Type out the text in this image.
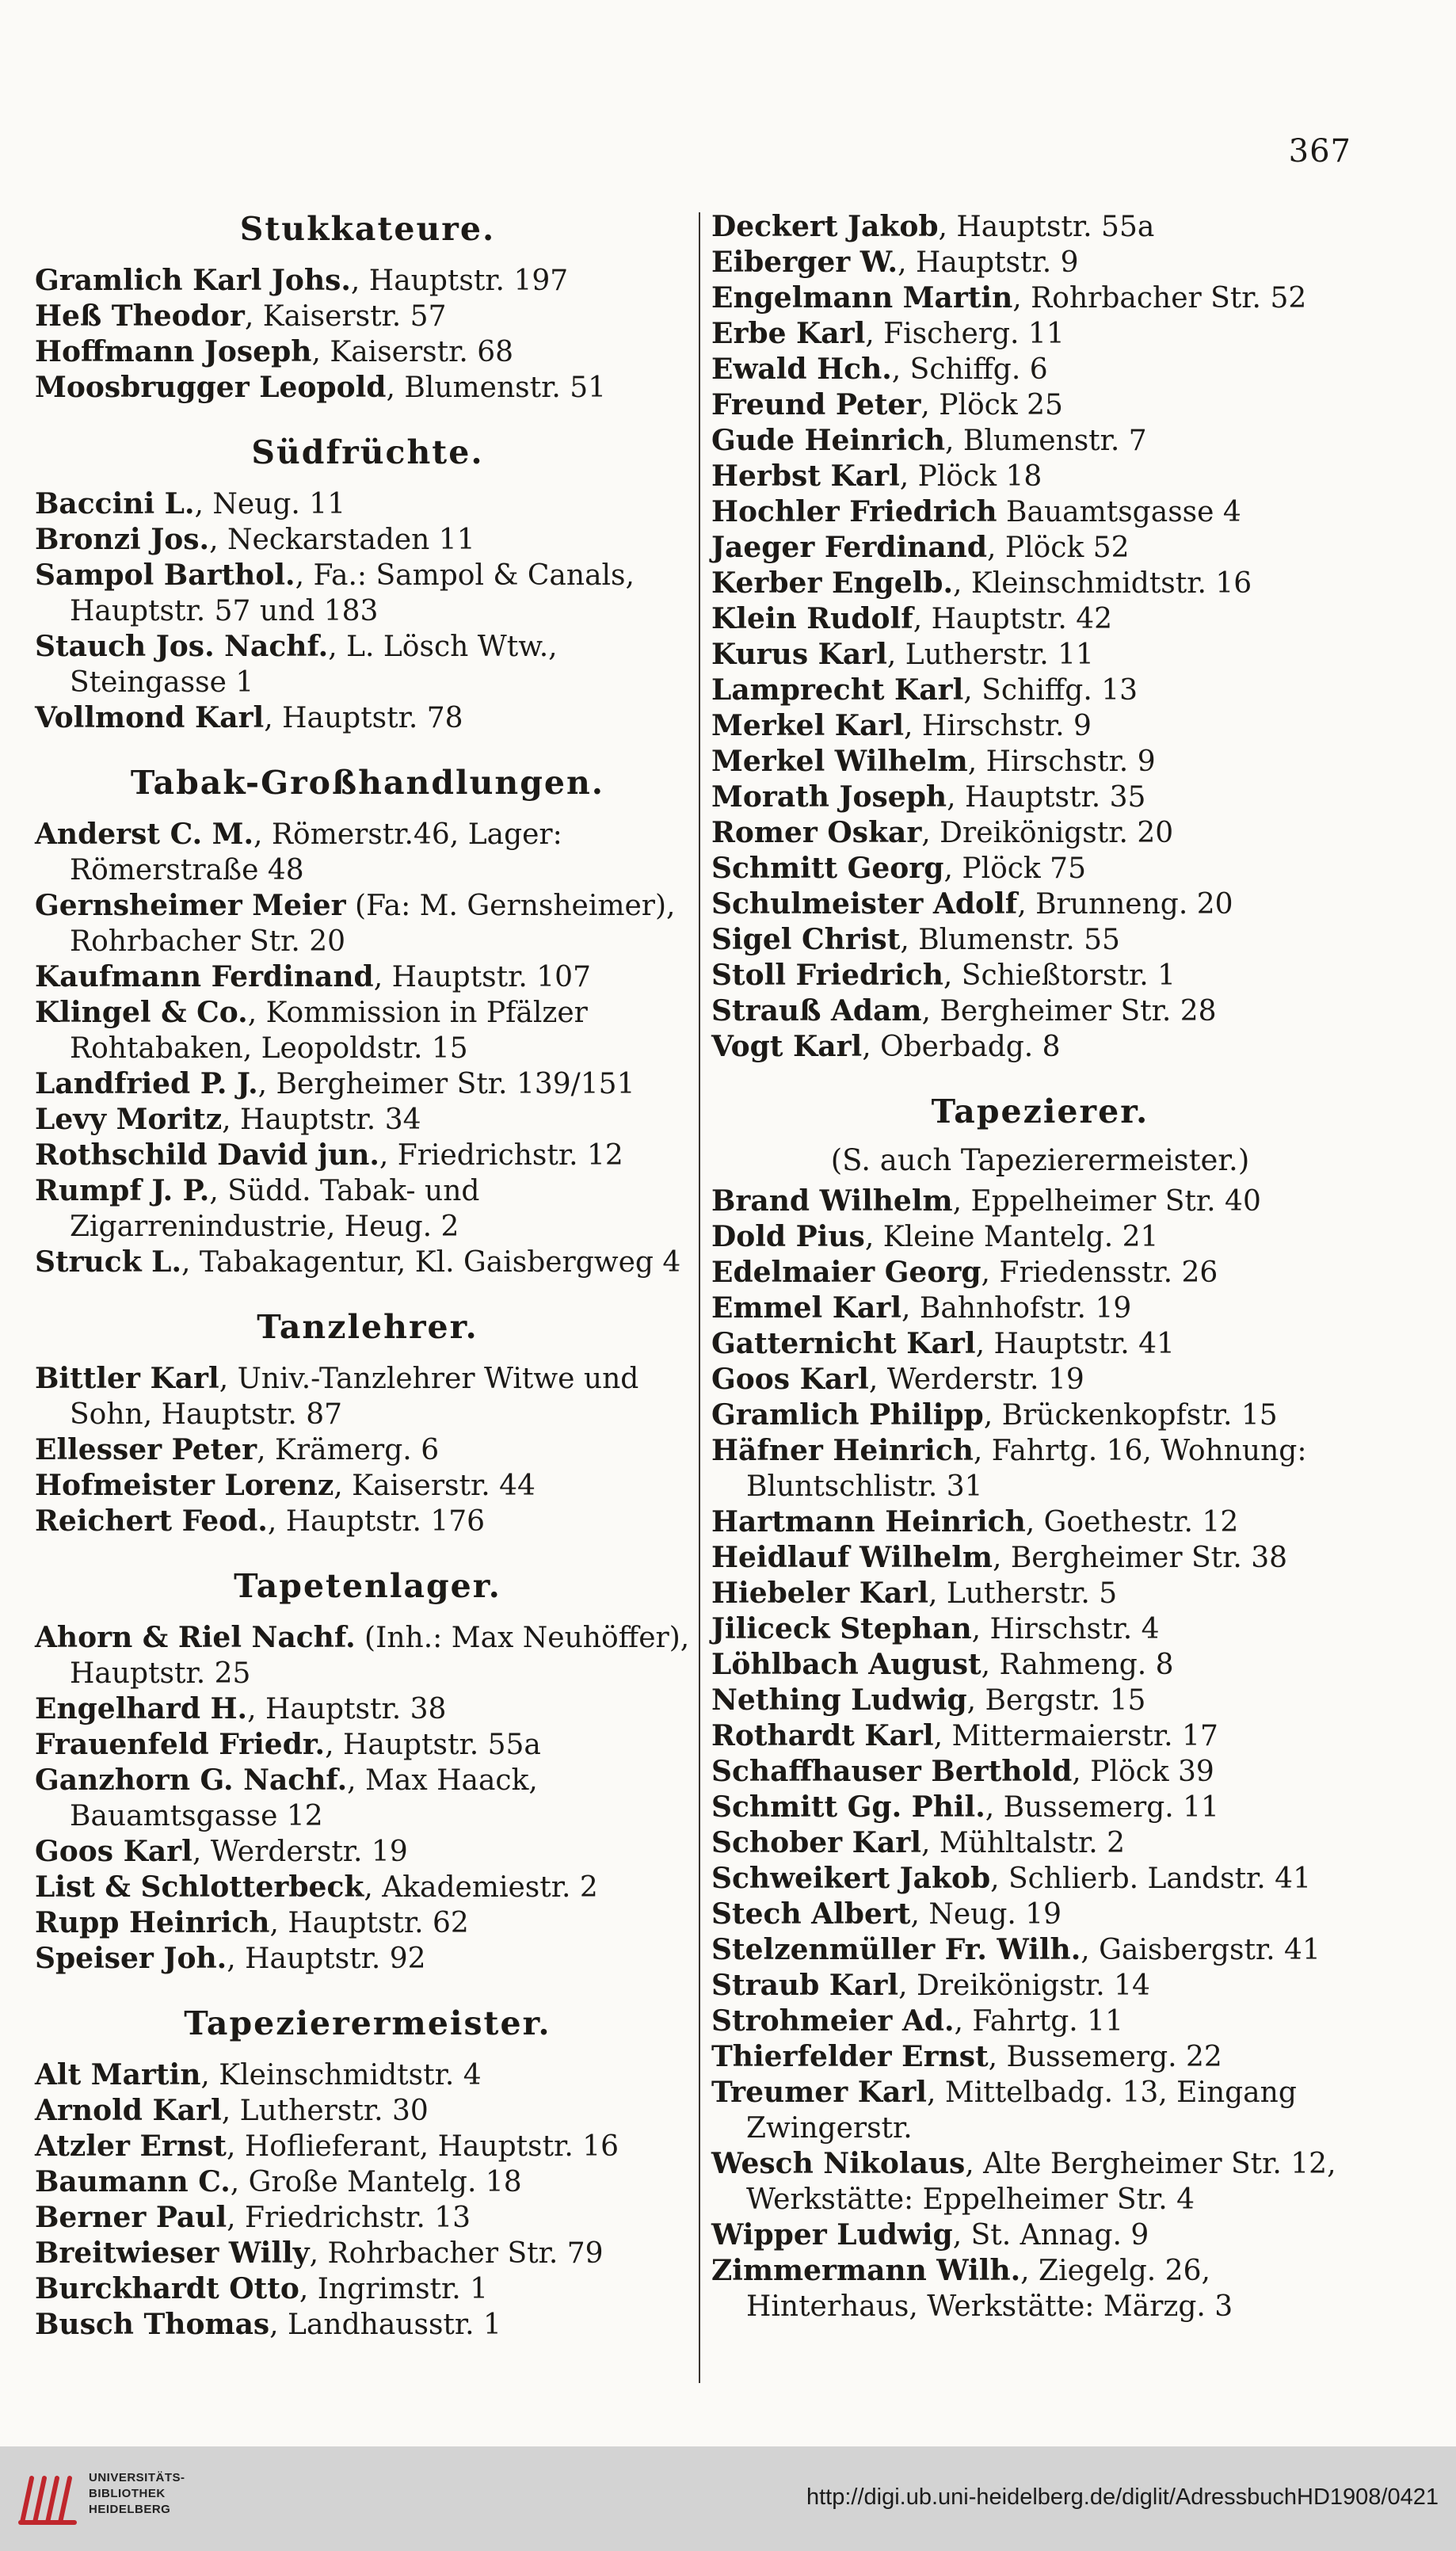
367
Stukkateure.
Gramlich Karl Johs., Hauptstr. 197
Heß Theodor, Kaiserstr. 57
Hoffmann Joseph, Kaiserstr. 68
Moosbrugger Leopold, Blumenstr. 51
Südfrüchte.
Baccini L., Neug. 11
Bronzi Jos., Neckarstaden 11
Sampol Barthol., Fa.: Sampol & Canals, Hauptstr. 57 und 183
Stauch Jos. Nachf., L. Lösch Wtw., Steingasse 1
Vollmond Karl, Hauptstr. 78
Tabak-Großhandlungen.
Anderst C. M., Römerstr.46, Lager: Römerstraße 48
Gernsheimer Meier (Fa: M. Gernsheimer), Rohrbacher Str. 20
Kaufmann Ferdinand, Hauptstr. 107
Klingel & Co., Kommission in Pfälzer Rohtabaken, Leopoldstr. 15
Landfried P. J., Bergheimer Str. 139/151
Levy Moritz, Hauptstr. 34
Rothschild David jun., Friedrichstr. 12
Rumpf J. P., Südd. Tabak- und Zigarrenindustrie, Heug. 2
Struck L., Tabakagentur, Kl. Gaisbergweg 4
Tanzlehrer.
Bittler Karl, Univ.-Tanzlehrer Witwe und Sohn, Hauptstr. 87
Ellesser Peter, Krämerg. 6
Hofmeister Lorenz, Kaiserstr. 44
Reichert Feod., Hauptstr. 176
Tapetenlager.
Ahorn & Riel Nachf. (Inh.: Max Neuhöffer), Hauptstr. 25
Engelhard H., Hauptstr. 38
Frauenfeld Friedr., Hauptstr. 55a
Ganzhorn G. Nachf., Max Haack, Bauamtsgasse 12
Goos Karl, Werderstr. 19
List & Schlotterbeck, Akademiestr. 2
Rupp Heinrich, Hauptstr. 62
Speiser Joh., Hauptstr. 92
Tapezierermeister.
Alt Martin, Kleinschmidtstr. 4
Arnold Karl, Lutherstr. 30
Atzler Ernst, Hoflieferant, Hauptstr. 16
Baumann C., Große Mantelg. 18
Berner Paul, Friedrichstr. 13
Breitwieser Willy, Rohrbacher Str. 79
Burckhardt Otto, Ingrimstr. 1
Busch Thomas, Landhausstr. 1
Deckert Jakob, Hauptstr. 55a
Eiberger W., Hauptstr. 9
Engelmann Martin, Rohrbacher Str. 52
Erbe Karl, Fischerg. 11
Ewald Hch., Schiffg. 6
Freund Peter, Plöck 25
Gude Heinrich, Blumenstr. 7
Herbst Karl, Plöck 18
Hochler Friedrich Bauamtsgasse 4
Jaeger Ferdinand, Plöck 52
Kerber Engelb., Kleinschmidtstr. 16
Klein Rudolf, Hauptstr. 42
Kurus Karl, Lutherstr. 11
Lamprecht Karl, Schiffg. 13
Merkel Karl, Hirschstr. 9
Merkel Wilhelm, Hirschstr. 9
Morath Joseph, Hauptstr. 35
Romer Oskar, Dreikönigstr. 20
Schmitt Georg, Plöck 75
Schulmeister Adolf, Brunneng. 20
Sigel Christ, Blumenstr. 55
Stoll Friedrich, Schießtorstr. 1
Strauß Adam, Bergheimer Str. 28
Vogt Karl, Oberbadg. 8
Tapezierer.
(S. auch Tapezierermeister.)
Brand Wilhelm, Eppelheimer Str. 40
Dold Pius, Kleine Mantelg. 21
Edelmaier Georg, Friedensstr. 26
Emmel Karl, Bahnhofstr. 19
Gatternicht Karl, Hauptstr. 41
Goos Karl, Werderstr. 19
Gramlich Philipp, Brückenkopfstr. 15
Häfner Heinrich, Fahrtg. 16, Wohnung: Bluntschlistr. 31
Hartmann Heinrich, Goethestr. 12
Heidlauf Wilhelm, Bergheimer Str. 38
Hiebeler Karl, Lutherstr. 5
Jiliceck Stephan, Hirschstr. 4
Löhlbach August, Rahmeng. 8
Nething Ludwig, Bergstr. 15
Rothardt Karl, Mittermaierstr. 17
Schaffhauser Berthold, Plöck 39
Schmitt Gg. Phil., Bussemerg. 11
Schober Karl, Mühltalstr. 2
Schweikert Jakob, Schlierb. Landstr. 41
Stech Albert, Neug. 19
Stelzenmüller Fr. Wilh., Gaisbergstr. 41
Straub Karl, Dreikönigstr. 14
Strohmeier Ad., Fahrtg. 11
Thierfelder Ernst, Bussemerg. 22
Treumer Karl, Mittelbadg. 13, Eingang Zwingerstr.
Wesch Nikolaus, Alte Bergheimer Str. 12, Werkstätte: Eppelheimer Str. 4
Wipper Ludwig, St. Annag. 9
Zimmermann Wilh., Ziegelg. 26, Hinterhaus, Werkstätte: Märzg. 3
UNIVERSITÄTS-
BIBLIOTHEK
HEIDELBERG	http://digi.ub.uni-heidelberg.de/diglit/AdressbuchHD1908/0421
